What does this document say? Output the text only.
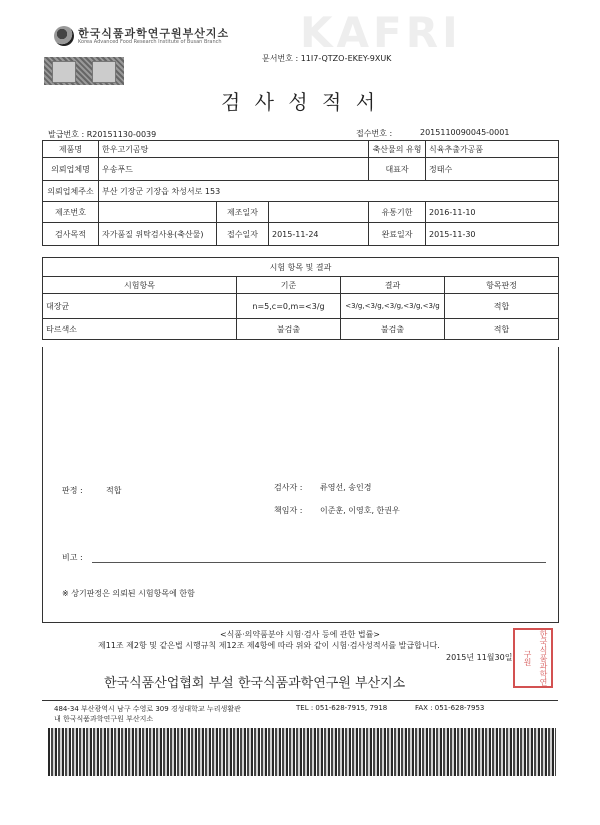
KAFRI
한국식품과학연구원부산지소
Korea Advanced Food Research Institute of Busan Branch
문서번호 : 11I7-QTZO-EKEY-9XUK
검 사 성 적 서
발급번호 : R20151130-0039	접수번호 :	2015110090045-0001
제품명	한우고기곰탕			축산물의 유형	식육추출가공품
의뢰업체명	우송푸드			대표자	정태수
의뢰업체주소	부산 기장군 기장읍 차성서로 153				
제조번호		제조일자		유통기한	2016-11-10
검사목적	자가품질 위탁검사용(축산물)	접수일자	2015-11-24	완료일자	2015-11-30
시험 항목 및 결과			
시험항목	기준	결과	항목판정
대장균	n=5,c=0,m=<3/g	<3/g,<3/g,<3/g,<3/g,<3/g	적합
타르색소	불검출	불검출	적합
판정 :	적합	검사자 : 류영선, 송인경
책임자 : 이준훈, 이영호, 한권우
비고 :
※ 상기판정은 의뢰된 시험항목에 한함
<식품·의약품분야 시험·검사 등에 관한 법률>
제11조 제2항 및 같은법 시행규칙 제12조 제4항에 따라 위와 같이 시험·검사성적서를 발급합니다.
2015년 11월30일
한국식품산업협회 부설 한국식품과학연구원 부산지소	한국식품과학연구원
484-34 부산광역시 남구 수영로 309 경성대학교 누리생활관
내 한국식품과학연구원 부산지소
TEL : 051-628-7915, 7918	FAX : 051-628-7953
